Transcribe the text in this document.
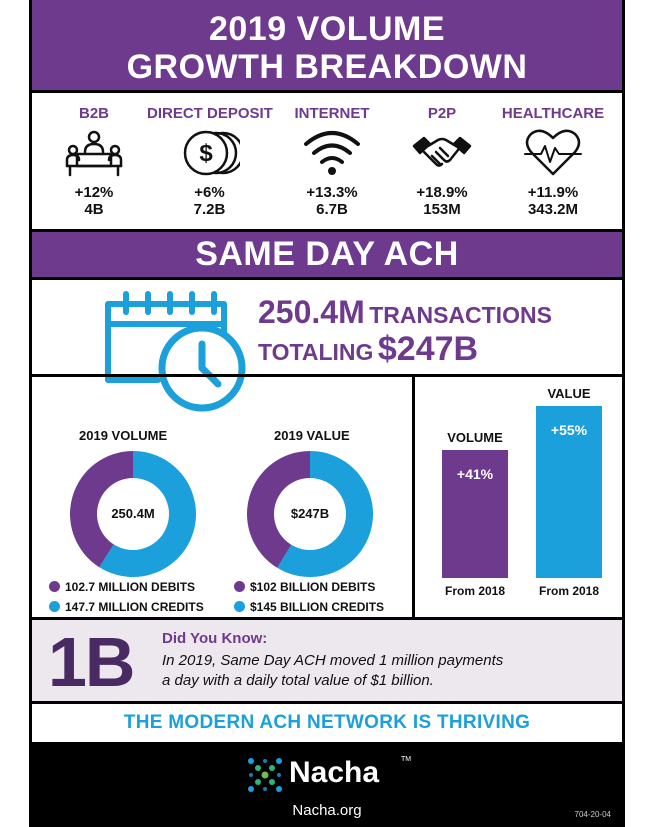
2019 VOLUME
GROWTH BREAKDOWN
B2B
+12%
4B
DIRECT DEPOSIT
$
+6%
7.2B
INTERNET
+13.3%
6.7B
P2P
+18.9%
153M
HEALTHCARE
+11.9%
343.2M
SAME DAY ACH
250.4M TRANSACTIONS
TOTALING $247B
2019 VOLUME
250.4M
102.7 MILLION DEBITS
147.7 MILLION CREDITS
2019 VALUE
$247B
$102 BILLION DEBITS
$145 BILLION CREDITS
VOLUME
+41%
From 2018
VALUE
+55%
From 2018
1B Did You Know:
In 2019, Same Day ACH moved 1 million payments
a day with a daily total value of $1 billion.
THE MODERN ACH NETWORK IS THRIVING
Nacha	TM
Nacha.org	704-20-04
